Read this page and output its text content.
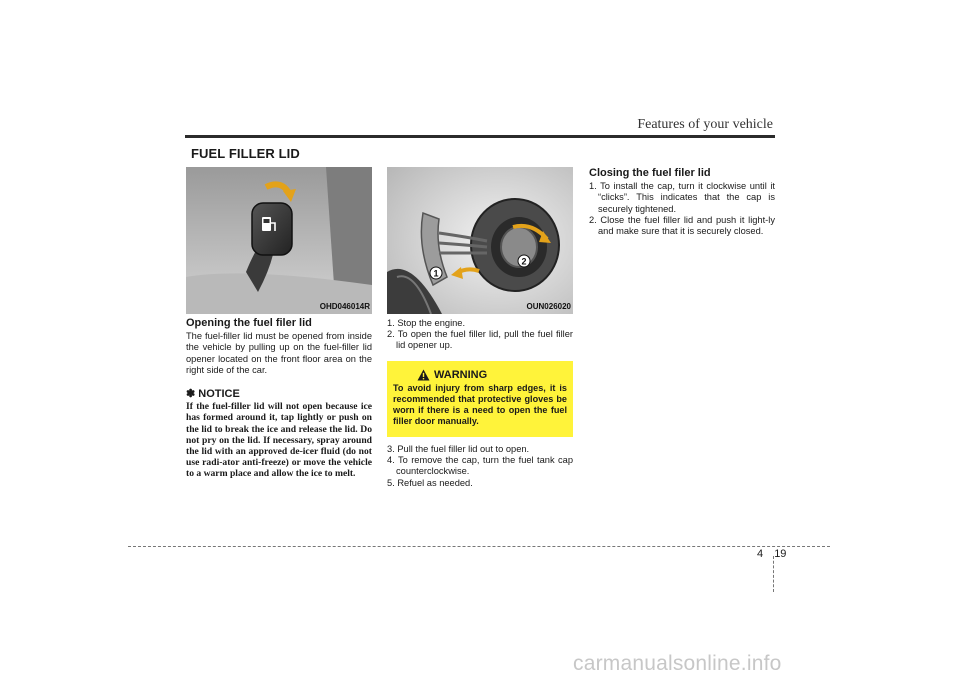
Features of your vehicle
FUEL FILLER LID
OHD046014R
1
2
OUN026020
Opening the fuel filer lid
The fuel-filler lid must be opened from inside the vehicle by pulling up on the fuel-filler lid opener located on the front floor area on the right side of the car.
✽ NOTICE
If the fuel-filler lid will not open because ice has formed around it, tap lightly or push on the lid to break the ice and release the lid. Do not pry on the lid. If necessary, spray around the lid with an approved de-icer fluid (do not use radi-ator anti-freeze) or move the vehicle to a warm place and allow the ice to melt.
1. Stop the engine.
2. To open the fuel filler lid, pull the fuel filler lid opener up.
WARNING
To avoid injury from sharp edges, it is recommended that protective gloves be worn if there is a need to open the fuel filler door manually.
3. Pull the fuel filler lid out to open.
4. To remove the cap, turn the fuel tank cap counterclockwise.
5. Refuel as needed.
Closing the fuel filer lid
1. To install the cap, turn it clockwise until it “clicks”. This indicates that the cap is securely tightened.
2. Close the fuel filler lid and push it light-ly and make sure that it is securely closed.
4 19
carmanualsonline.info
